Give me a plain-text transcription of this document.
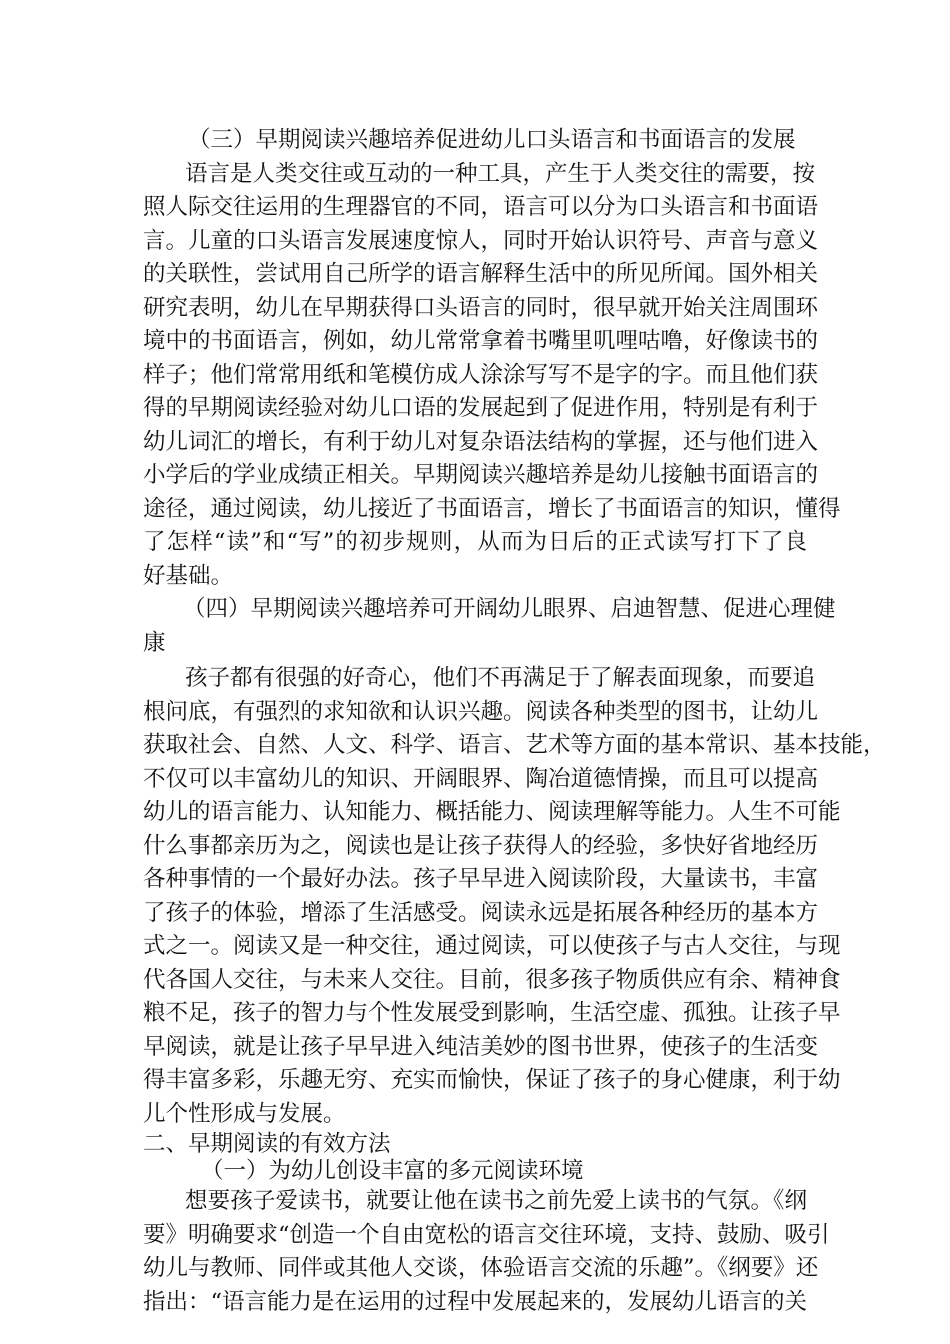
（三）早期阅读兴趣培养促进幼儿口头语言和书面语言的发展
语言是人类交往或互动的一种工具，产生于人类交往的需要，按
照人际交往运用的生理器官的不同，语言可以分为口头语言和书面语
言。儿童的口头语言发展速度惊人，同时开始认识符号、声音与意义
的关联性，尝试用自己所学的语言解释生活中的所见所闻。国外相关
研究表明，幼儿在早期获得口头语言的同时，很早就开始关注周围环
境中的书面语言，例如，幼儿常常拿着书嘴里叽哩咕噜，好像读书的
样子；他们常常用纸和笔模仿成人涂涂写写不是字的字。而且他们获
得的早期阅读经验对幼儿口语的发展起到了促进作用，特别是有利于
幼儿词汇的增长，有利于幼儿对复杂语法结构的掌握，还与他们进入
小学后的学业成绩正相关。早期阅读兴趣培养是幼儿接触书面语言的
途径，通过阅读，幼儿接近了书面语言，增长了书面语言的知识，懂得
了怎样“读”和“写”的初步规则，从而为日后的正式读写打下了良
好基础。
（四）早期阅读兴趣培养可开阔幼儿眼界、启迪智慧、促进心理健
康
孩子都有很强的好奇心，他们不再满足于了解表面现象，而要追
根问底，有强烈的求知欲和认识兴趣。阅读各种类型的图书，让幼儿
获取社会、自然、人文、科学、语言、艺术等方面的基本常识、基本技能，
不仅可以丰富幼儿的知识、开阔眼界、陶冶道德情操，而且可以提高
幼儿的语言能力、认知能力、概括能力、阅读理解等能力。人生不可能
什么事都亲历为之，阅读也是让孩子获得人的经验，多快好省地经历
各种事情的一个最好办法。孩子早早进入阅读阶段，大量读书，丰富
了孩子的体验，增添了生活感受。阅读永远是拓展各种经历的基本方
式之一。阅读又是一种交往，通过阅读，可以使孩子与古人交往，与现
代各国人交往，与未来人交往。目前，很多孩子物质供应有余、精神食
粮不足，孩子的智力与个性发展受到影响，生活空虚、孤独。让孩子早
早阅读，就是让孩子早早进入纯洁美妙的图书世界，使孩子的生活变
得丰富多彩，乐趣无穷、充实而愉快，保证了孩子的身心健康，利于幼
儿个性形成与发展。
二、早期阅读的有效方法
（一）为幼儿创设丰富的多元阅读环境
想要孩子爱读书，就要让他在读书之前先爱上读书的气氛。《纲
要》明确要求“创造一个自由宽松的语言交往环境，支持、鼓励、吸引
幼儿与教师、同伴或其他人交谈，体验语言交流的乐趣”。《纲要》还
指出：“语言能力是在运用的过程中发展起来的，发展幼儿语言的关
